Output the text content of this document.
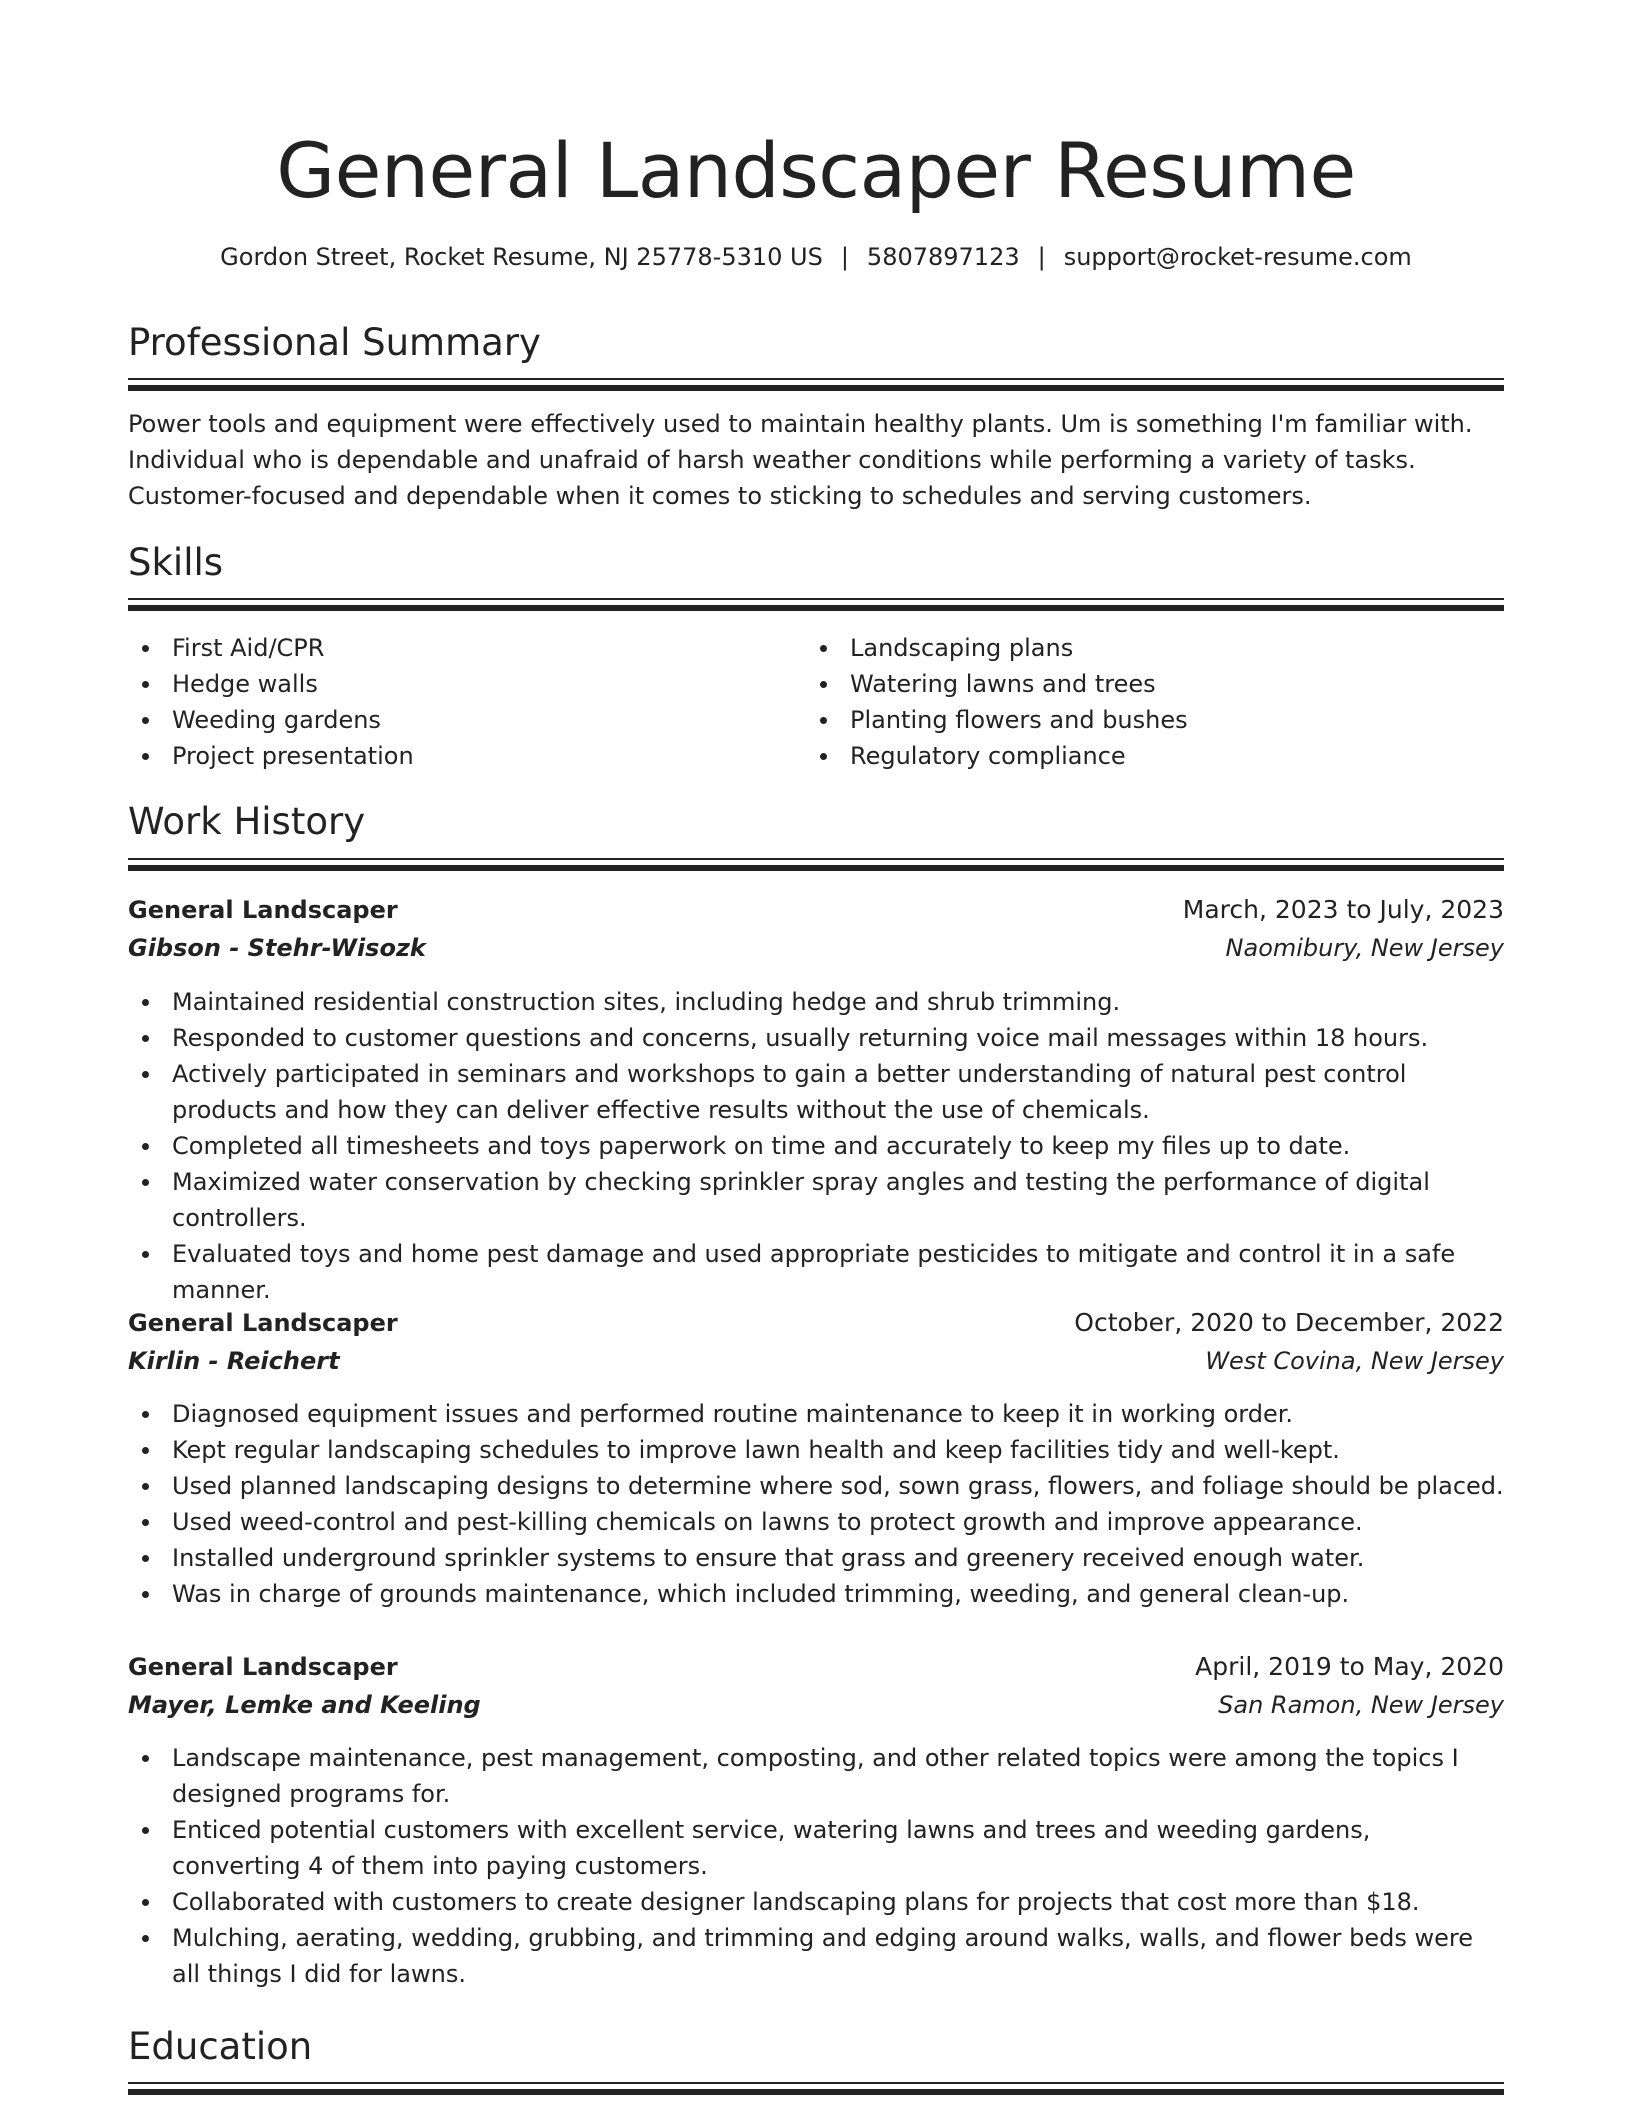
General Landscaper Resume
Gordon Street, Rocket Resume, NJ 25778-5310 US | 5807897123 | support@rocket-resume.com
Professional Summary

Power tools and equipment were effectively used to maintain healthy plants. Um is something I'm familiar with. Individual who is dependable and unafraid of harsh weather conditions while performing a variety of tasks. Customer-focused and dependable when it comes to sticking to schedules and serving customers.

Skills
First Aid/CPR
Hedge walls
Weeding gardens
Project presentation
Landscaping plans
Watering lawns and trees
Planting flowers and bushes
Regulatory compliance
Work History
General Landscaper	March, 2023 to July, 2023
Gibson - Stehr-Wisozk	Naomibury, New Jersey
Maintained residential construction sites, including hedge and shrub trimming.
Responded to customer questions and concerns, usually returning voice mail messages within 18 hours.
Actively participated in seminars and workshops to gain a better understanding of natural pest control products and how they can deliver effective results without the use of chemicals.
Completed all timesheets and toys paperwork on time and accurately to keep my files up to date.
Maximized water conservation by checking sprinkler spray angles and testing the performance of digital controllers.
Evaluated toys and home pest damage and used appropriate pesticides to mitigate and control it in a safe manner.
General Landscaper	October, 2020 to December, 2022
Kirlin - Reichert	West Covina, New Jersey
Diagnosed equipment issues and performed routine maintenance to keep it in working order.
Kept regular landscaping schedules to improve lawn health and keep facilities tidy and well-kept.
Used planned landscaping designs to determine where sod, sown grass, flowers, and foliage should be placed.
Used weed-control and pest-killing chemicals on lawns to protect growth and improve appearance.
Installed underground sprinkler systems to ensure that grass and greenery received enough water.
Was in charge of grounds maintenance, which included trimming, weeding, and general clean-up.
General Landscaper	April, 2019 to May, 2020
Mayer, Lemke and Keeling	San Ramon, New Jersey
Landscape maintenance, pest management, composting, and other related topics were among the topics I designed programs for.
Enticed potential customers with excellent service, watering lawns and trees and weeding gardens, converting 4 of them into paying customers.
Collaborated with customers to create designer landscaping plans for projects that cost more than $18.
Mulching, aerating, wedding, grubbing, and trimming and edging around walks, walls, and flower beds were all things I did for lawns.
Education
